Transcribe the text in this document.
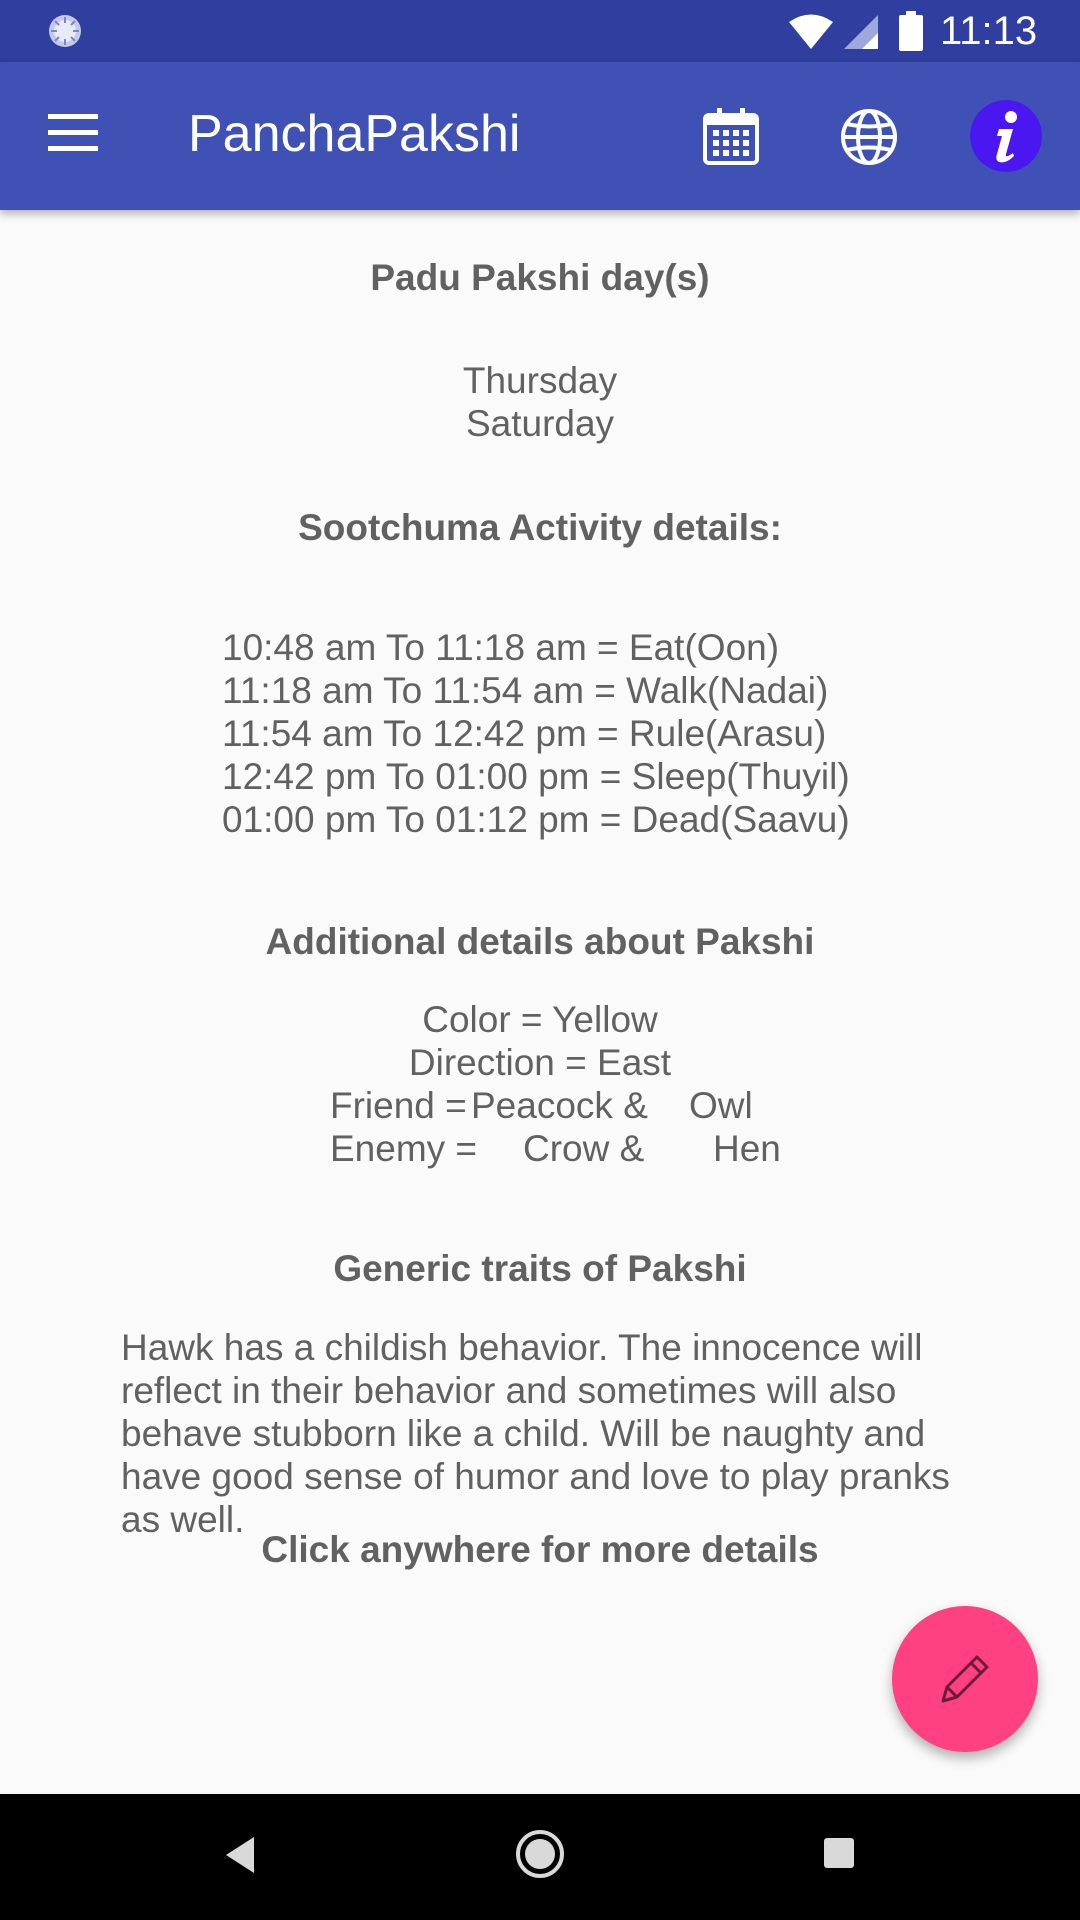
11:13
PanchaPakshi
Padu Pakshi day(s)
Thursday
Saturday
Sootchuma Activity details:
10:48 am To 11:18 am = Eat(Oon)
11:18 am To 11:54 am = Walk(Nadai)
11:54 am To 12:42 pm = Rule(Arasu)
12:42 pm To 01:00 pm = Sleep(Thuyil)
01:00 pm To 01:12 pm = Dead(Saavu)
Additional details about Pakshi
Color = Yellow
Direction = East
Friend = Peacock & Owl
Enemy = Crow & Hen
Generic traits of Pakshi
Hawk has a childish behavior. The innocence will reflect in their behavior and sometimes will also behave stubborn like a child. Will be naughty and have good sense of humor and love to play pranks as well.
Click anywhere for more details
